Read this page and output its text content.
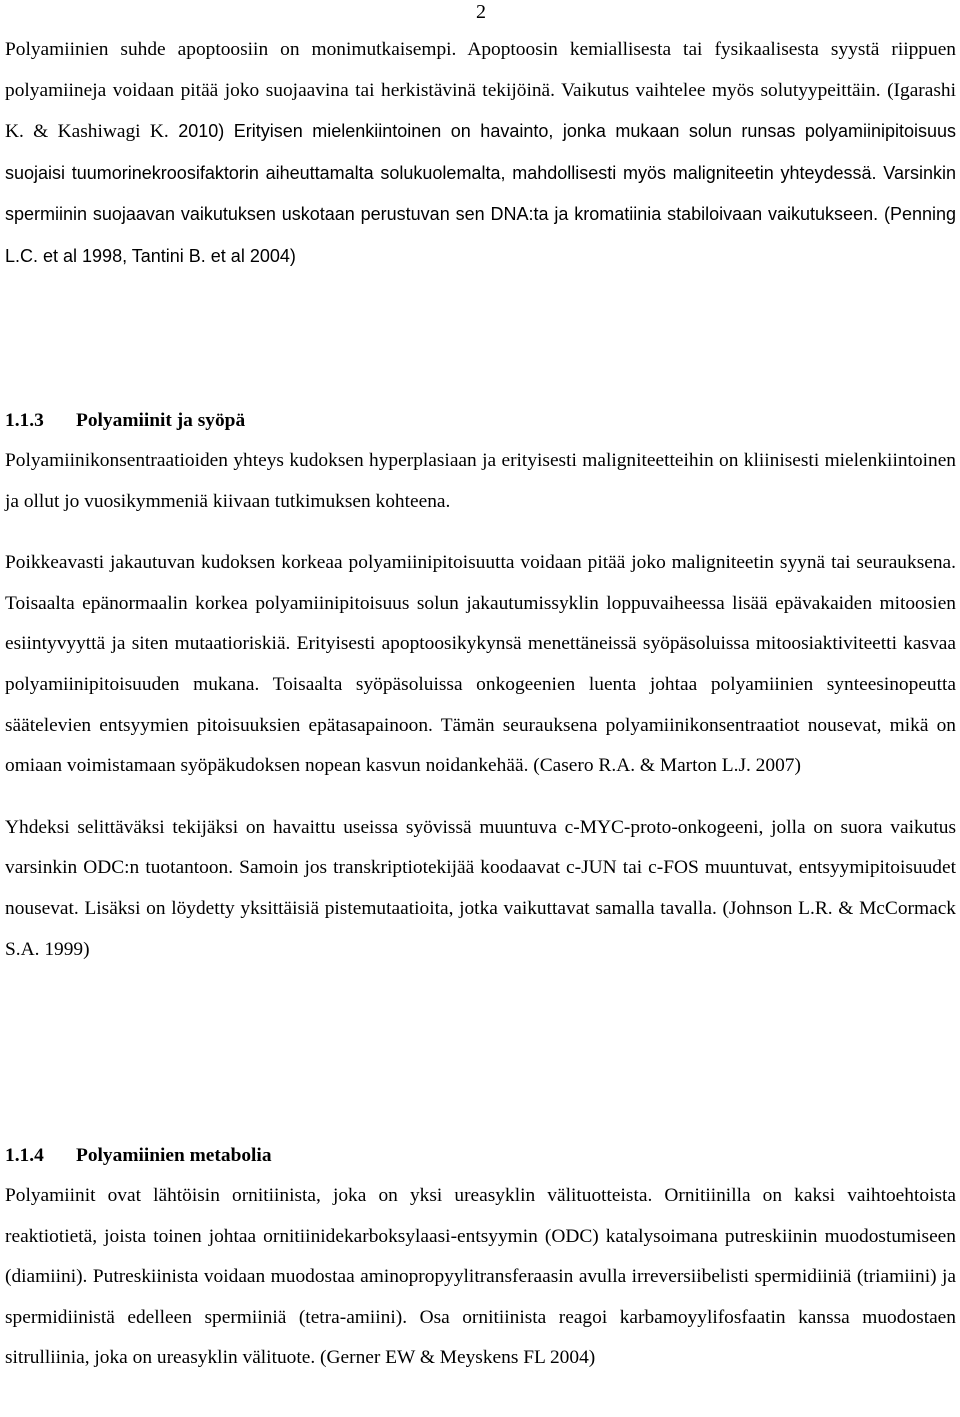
2

Polyamiinien suhde apoptoosiin on monimutkaisempi. Apoptoosin kemiallisesta tai fysikaalisesta syystä riippuen polyamiineja voidaan pitää joko suojaavina tai herkistävinä tekijöinä. Vaikutus vaihtelee myös solutyypeittäin. (Igarashi K. & Kashiwagi K. 2010) Erityisen mielenkiintoinen on havainto, jonka mukaan solun runsas polyamiinipitoisuus suojaisi tuumorinekroosifaktorin aiheuttamalta solukuolemalta, mahdollisesti myös maligniteetin yhteydessä. Varsinkin spermiinin suojaavan vaikutuksen uskotaan perustuvan sen DNA:ta ja kromatiinia stabiloivaan vaikutukseen. (Penning L.C. et al 1998, Tantini B. et al 2004)

1.1.3	Polyamiinit ja syöpä

Polyamiinikonsentraatioiden yhteys kudoksen hyperplasiaan ja erityisesti maligniteetteihin on kliinisesti mielenkiintoinen ja ollut jo vuosikymmeniä kiivaan tutkimuksen kohteena.

Poikkeavasti jakautuvan kudoksen korkeaa polyamiinipitoisuutta voidaan pitää joko maligniteetin syynä tai seurauksena. Toisaalta epänormaalin korkea polyamiinipitoisuus solun jakautumissyklin loppuvaiheessa lisää epävakaiden mitoosien esiintyvyyttä ja siten mutaatioriskiä. Erityisesti apoptoosikykynsä menettäneissä syöpäsoluissa mitoosiaktiviteetti kasvaa polyamiinipitoisuuden mukana. Toisaalta syöpäsoluissa onkogeenien luenta johtaa polyamiinien synteesinopeutta säätelevien entsyymien pitoisuuksien epätasapainoon. Tämän seurauksena polyamiinikonsentraatiot nousevat, mikä on omiaan voimistamaan syöpäkudoksen nopean kasvun noidankehää. (Casero R.A. & Marton L.J. 2007)

Yhdeksi selittäväksi tekijäksi on havaittu useissa syövissä muuntuva c-MYC-proto-onkogeeni, jolla on suora vaikutus varsinkin ODC:n tuotantoon. Samoin jos transkriptiotekijää koodaavat c-JUN tai c-FOS muuntuvat, entsyymipitoisuudet nousevat. Lisäksi on löydetty yksittäisiä pistemutaatioita, jotka vaikuttavat samalla tavalla. (Johnson L.R. & McCormack S.A. 1999)

1.1.4	Polyamiinien metabolia

Polyamiinit ovat lähtöisin ornitiinista, joka on yksi ureasyklin välituotteista. Ornitiinilla on kaksi vaihtoehtoista reaktiotietä, joista toinen johtaa ornitiinidekarboksylaasi-entsyymin (ODC) katalysoimana putreskiinin muodostumiseen (diamiini). Putreskiinista voidaan muodostaa aminopropyylitransferaasin avulla irreversiibelisti spermidiiniä (triamiini) ja spermidiinistä edelleen spermiiniä (tetra-amiini). Osa ornitiinista reagoi karbamoyylifosfaatin kanssa muodostaen sitrulliinia, joka on ureasyklin välituote. (Gerner EW & Meyskens FL 2004)
